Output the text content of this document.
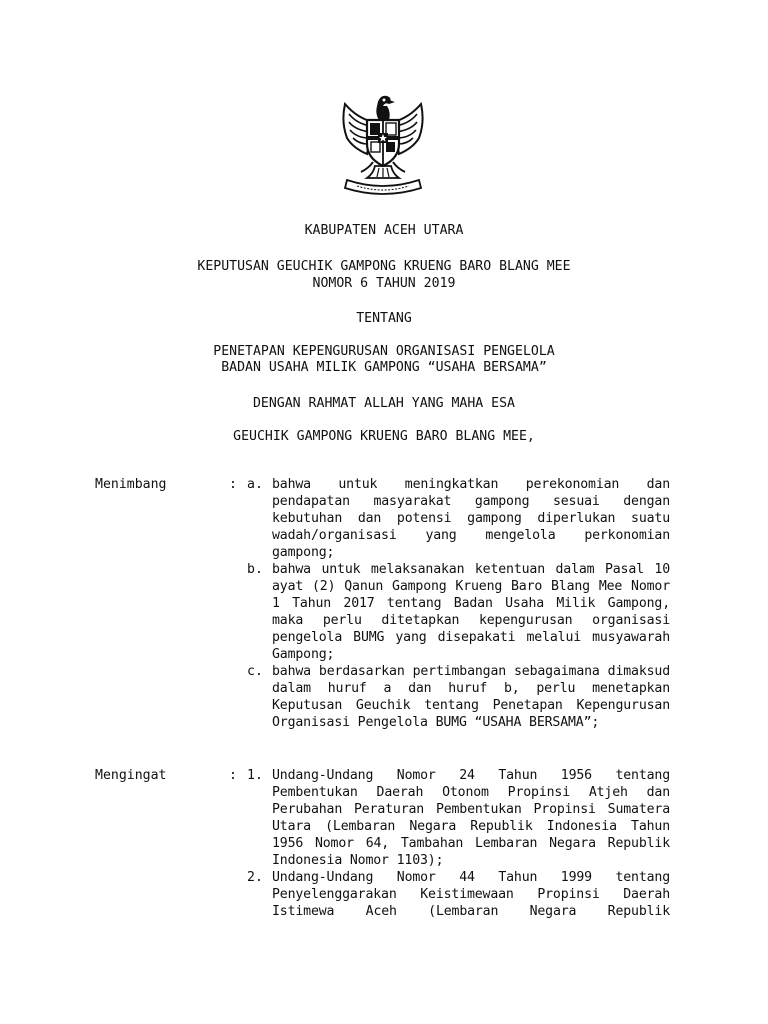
KABUPATEN ACEH UTARA
KEPUTUSAN GEUCHIK GAMPONG KRUENG BARO BLANG MEE
NOMOR 6 TAHUN 2019
TENTANG
PENETAPAN KEPENGURUSAN ORGANISASI PENGELOLA
BADAN USAHA MILIK GAMPONG “USAHA BERSAMA”
DENGAN RAHMAT ALLAH YANG MAHA ESA
GEUCHIK GAMPONG KRUENG BARO BLANG MEE,
Menimbang	: a. bahwa untuk meningkatkan perekonomian dan pendapatan masyarakat gampong sesuai dengan kebutuhan dan potensi gampong diperlukan suatu wadah/organisasi yang mengelola perkonomian gampong;
b. bahwa untuk melaksanakan ketentuan dalam Pasal 10 ayat (2) Qanun Gampong Krueng Baro Blang Mee Nomor 1 Tahun 2017 tentang Badan Usaha Milik Gampong, maka perlu ditetapkan kepengurusan organisasi pengelola BUMG yang disepakati melalui musyawarah Gampong;
c. bahwa berdasarkan pertimbangan sebagaimana dimaksud dalam huruf a dan huruf b, perlu menetapkan Keputusan Geuchik tentang Penetapan Kepengurusan Organisasi Pengelola BUMG “USAHA BERSAMA”;
Mengingat	: 1. Undang-Undang Nomor 24 Tahun 1956 tentang Pembentukan Daerah Otonom Propinsi Atjeh dan Perubahan Peraturan Pembentukan Propinsi Sumatera Utara (Lembaran Negara Republik Indonesia Tahun 1956 Nomor 64, Tambahan Lembaran Negara Republik Indonesia Nomor 1103);
2. Undang-Undang Nomor 44 Tahun 1999 tentang Penyelenggarakan Keistimewaan Propinsi Daerah Istimewa Aceh (Lembaran Negara Republik
